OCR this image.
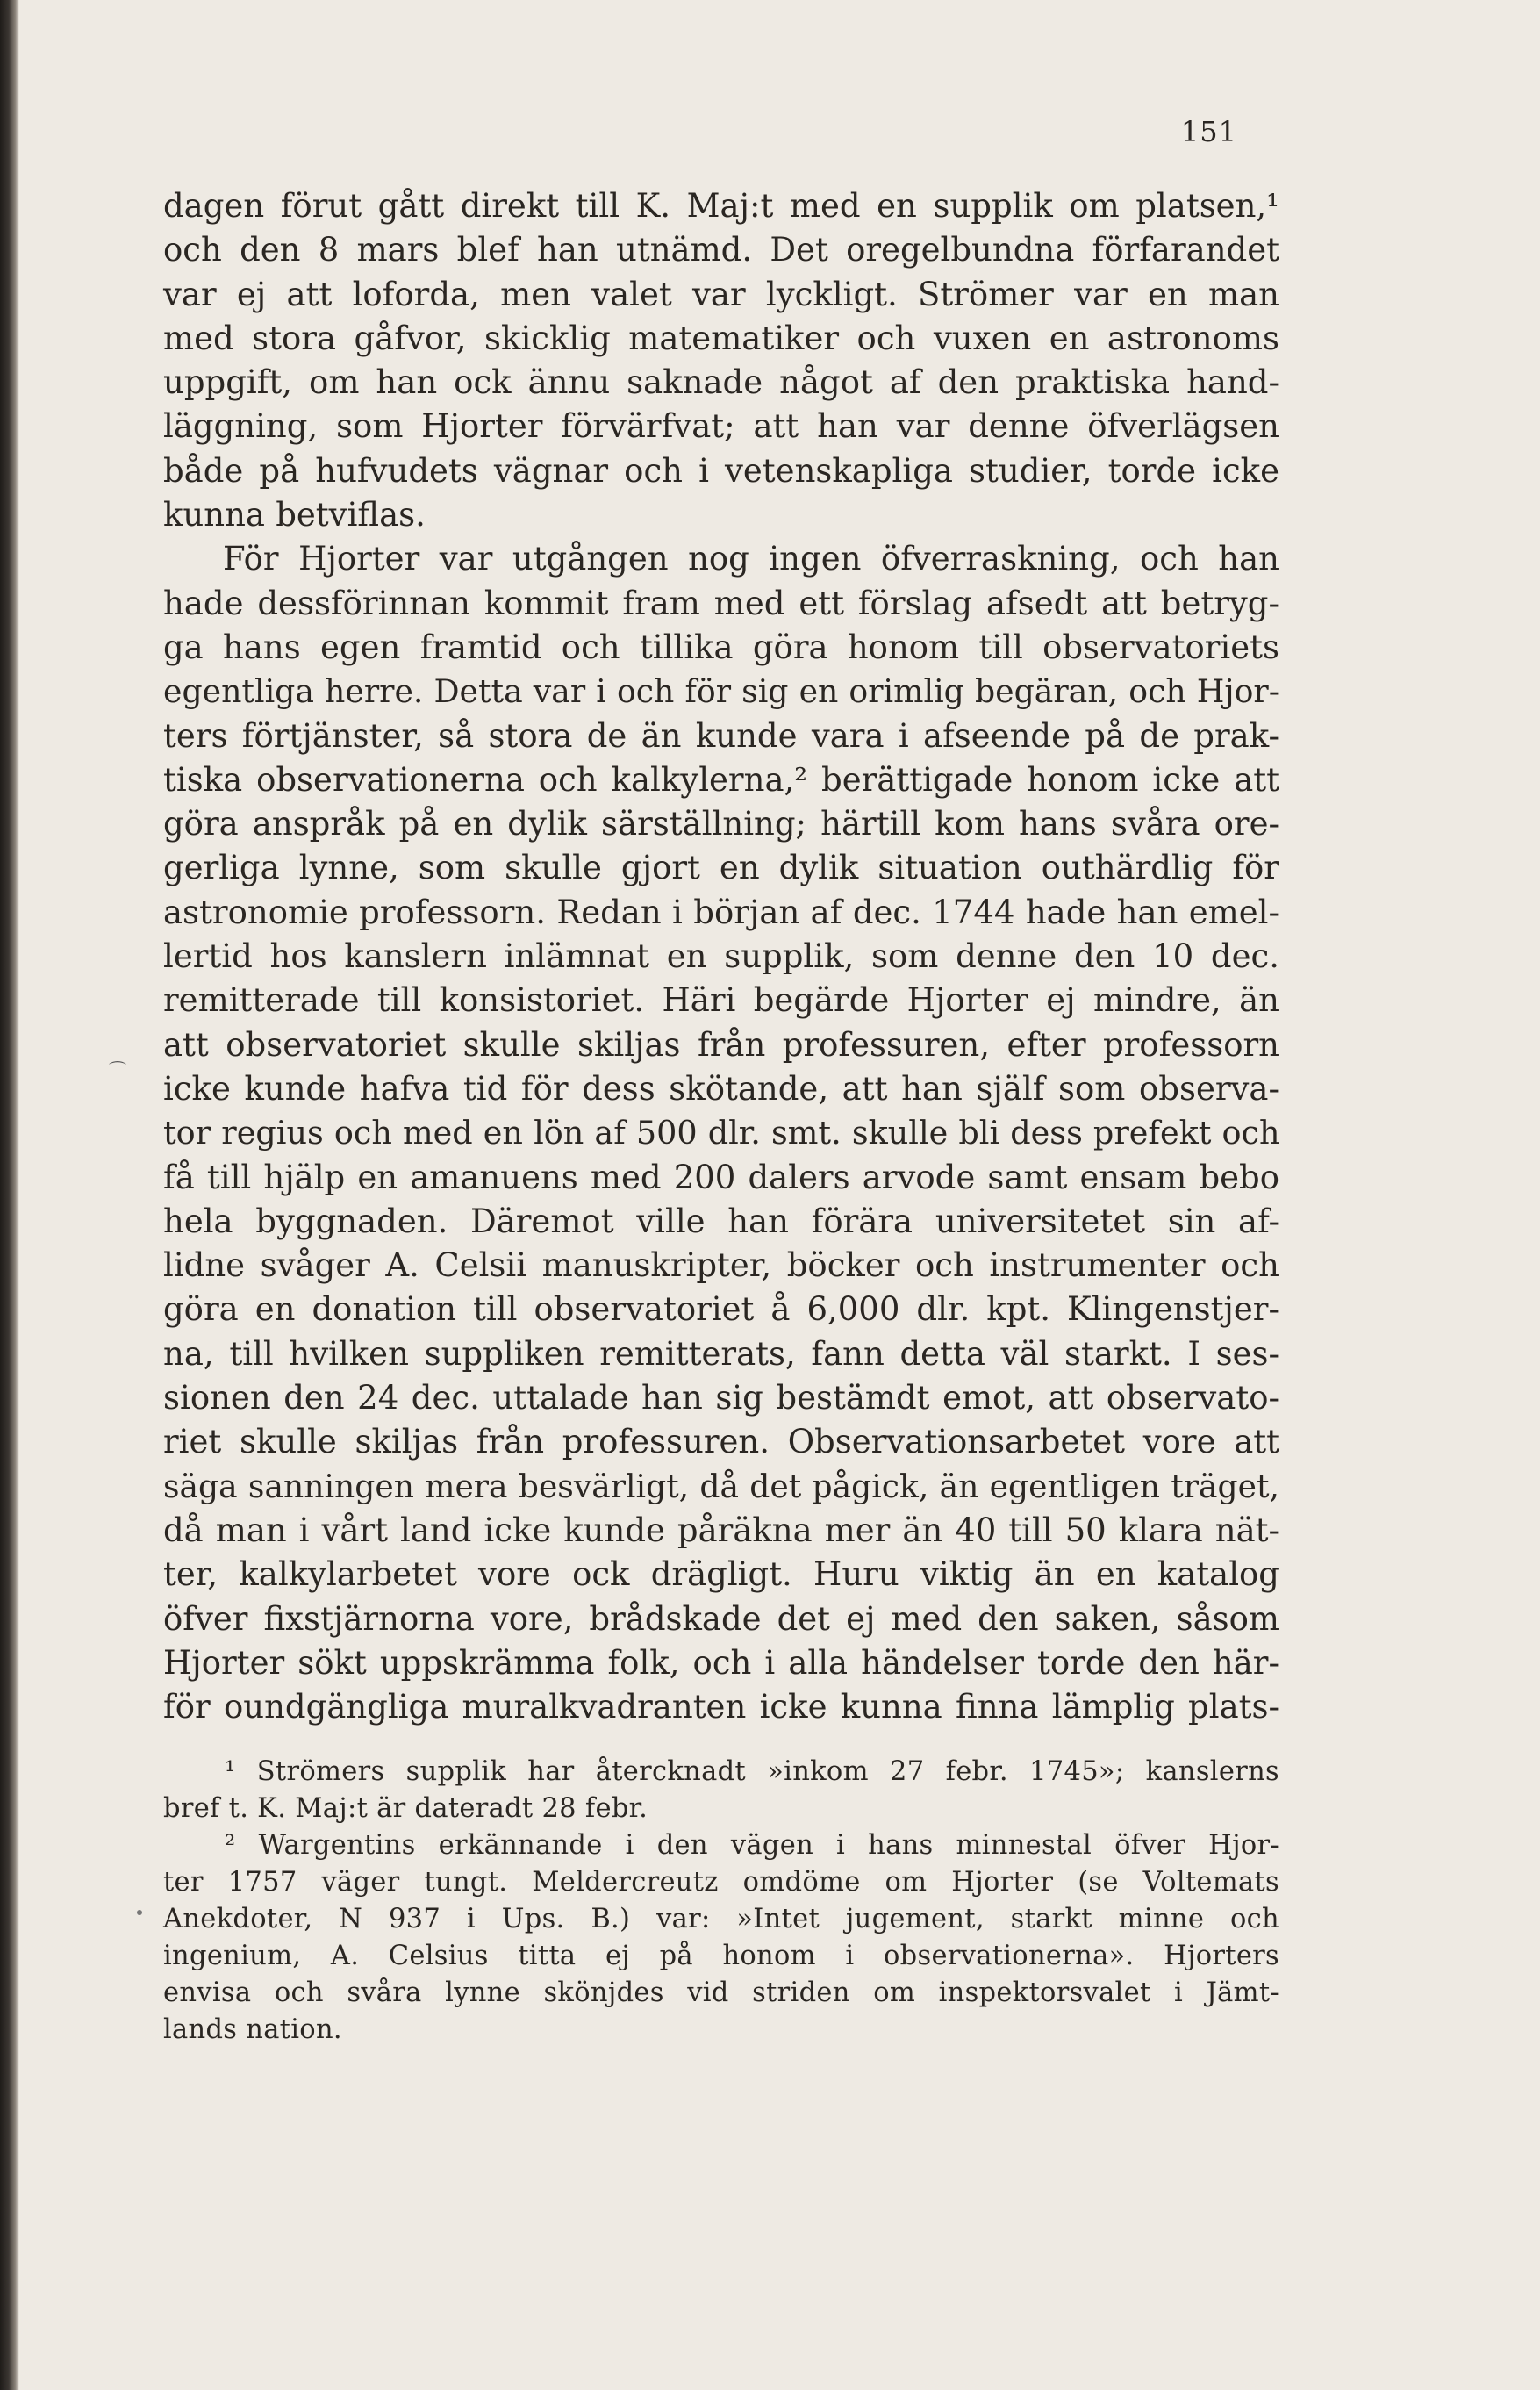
151
⌒
dagen förut gått direkt till K. Maj:t med en supplik om platsen,¹
och den 8 mars blef han utnämd. Det oregelbundna förfarandet
var ej att loforda, men valet var lyckligt. Strömer var en man
med stora gåfvor, skicklig matematiker och vuxen en astronoms
uppgift, om han ock ännu saknade något af den praktiska hand-
läggning, som Hjorter förvärfvat; att han var denne öfverlägsen
både på hufvudets vägnar och i vetenskapliga studier, torde icke
kunna betviflas.
För Hjorter var utgången nog ingen öfverraskning, och han
hade dessförinnan kommit fram med ett förslag afsedt att betryg-
ga hans egen framtid och tillika göra honom till observatoriets
egentliga herre. Detta var i och för sig en orimlig begäran, och Hjor-
ters förtjänster, så stora de än kunde vara i afseende på de prak-
tiska observationerna och kalkylerna,² berättigade honom icke att
göra anspråk på en dylik särställning; härtill kom hans svåra ore-
gerliga lynne, som skulle gjort en dylik situation outhärdlig för
astronomie professorn. Redan i början af dec. 1744 hade han emel-
lertid hos kanslern inlämnat en supplik, som denne den 10 dec.
remitterade till konsistoriet. Häri begärde Hjorter ej mindre, än
att observatoriet skulle skiljas från professuren, efter professorn
icke kunde hafva tid för dess skötande, att han själf som observa-
tor regius och med en lön af 500 dlr. smt. skulle bli dess prefekt och
få till hjälp en amanuens med 200 dalers arvode samt ensam bebo
hela byggnaden. Däremot ville han förära universitetet sin af-
lidne svåger A. Celsii manuskripter, böcker och instrumenter och
göra en donation till observatoriet å 6,000 dlr. kpt. Klingenstjer-
na, till hvilken suppliken remitterats, fann detta väl starkt. I ses-
sionen den 24 dec. uttalade han sig bestämdt emot, att observato-
riet skulle skiljas från professuren. Observationsarbetet vore att
säga sanningen mera besvärligt, då det pågick, än egentligen träget,
då man i vårt land icke kunde påräkna mer än 40 till 50 klara nät-
ter, kalkylarbetet vore ock drägligt. Huru viktig än en katalog
öfver fixstjärnorna vore, brådskade det ej med den saken, såsom
Hjorter sökt uppskrämma folk, och i alla händelser torde den här-
för oundgängliga muralkvadranten icke kunna finna lämplig plats-
¹ Strömers supplik har återcknadt »inkom 27 febr. 1745»; kanslerns
bref t. K. Maj:t är dateradt 28 febr.
² Wargentins erkännande i den vägen i hans minnestal öfver Hjor-
ter 1757 väger tungt. Meldercreutz omdöme om Hjorter (se Voltemats
Anekdoter, N 937 i Ups. B.) var: »Intet jugement, starkt minne och
ingenium, A. Celsius titta ej på honom i observationerna». Hjorters
envisa och svåra lynne skönjdes vid striden om inspektorsvalet i Jämt-
lands nation.
